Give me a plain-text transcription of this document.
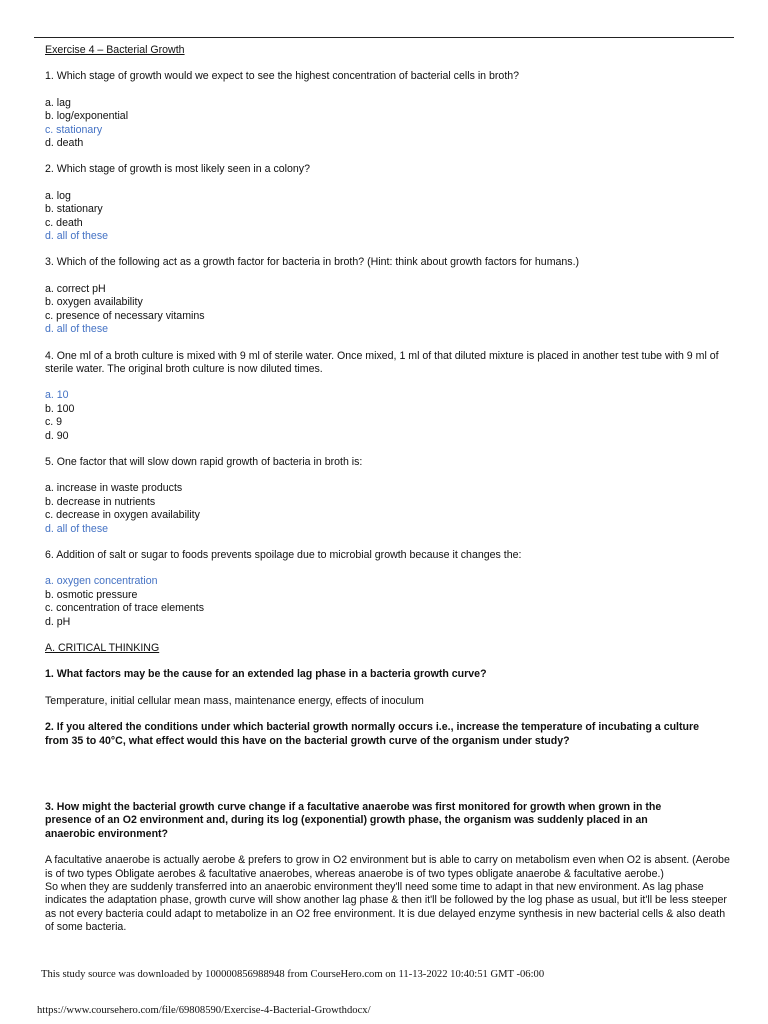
Exercise 4 – Bacterial Growth
1. Which stage of growth would we expect to see the highest concentration of bacterial cells in broth?
a. lag
b. log/exponential
c. stationary
d. death
2. Which stage of growth is most likely seen in a colony?
a. log
b. stationary
c. death
d. all of these
3. Which of the following act as a growth factor for bacteria in broth? (Hint: think about growth factors for humans.)
a. correct pH
b. oxygen availability
c. presence of necessary vitamins
d. all of these
4. One ml of a broth culture is mixed with 9 ml of sterile water. Once mixed, 1 ml of that diluted mixture is placed in another test tube with 9 ml of sterile water. The original broth culture is now diluted times.
a. 10
b. 100
c. 9
d. 90
5. One factor that will slow down rapid growth of bacteria in broth is:
a. increase in waste products
b. decrease in nutrients
c. decrease in oxygen availability
d. all of these
6. Addition of salt or sugar to foods prevents spoilage due to microbial growth because it changes the:
a. oxygen concentration
b. osmotic pressure
c. concentration of trace elements
d. pH
A. CRITICAL THINKING
1. What factors may be the cause for an extended lag phase in a bacteria growth curve?
Temperature, initial cellular mean mass, maintenance energy, effects of inoculum
2. If you altered the conditions under which bacterial growth normally occurs i.e., increase the temperature of incubating a culture from 35 to 40°C, what effect would this have on the bacterial growth curve of the organism under study?
3. How might the bacterial growth curve change if a facultative anaerobe was first monitored for growth when grown in the presence of an O2 environment and, during its log (exponential) growth phase, the organism was suddenly placed in an anaerobic environment?
A facultative anaerobe is actually aerobe & prefers to grow in O2 environment but is able to carry on metabolism even when O2 is absent. (Aerobe is of two types Obligate aerobes & facultative anaerobes, whereas anaerobe is of two types obligate anaerobe & facultative aerobe.)
So when they are suddenly transferred into an anaerobic environment they'll need some time to adapt in that new environment. As lag phase indicates the adaptation phase, growth curve will show another lag phase & then it'll be followed by the log phase as usual, but it'll be less steeper as not every bacteria could adapt to metabolize in an O2 free environment. It is due delayed enzyme synthesis in new bacterial cells & also death of some bacteria.
This study source was downloaded by 100000856988948 from CourseHero.com on 11-13-2022 10:40:51 GMT -06:00
https://www.coursehero.com/file/69808590/Exercise-4-Bacterial-Growthdocx/
